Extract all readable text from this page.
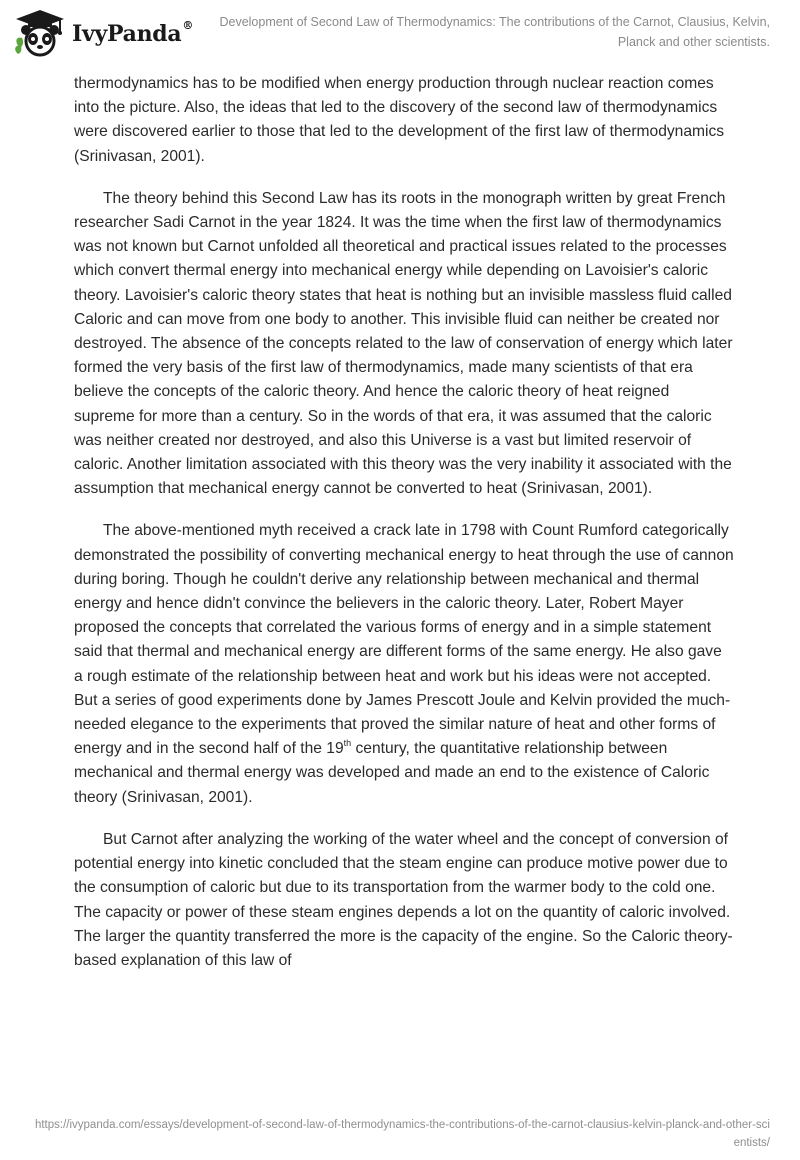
IvyPanda®	Development of Second Law of Thermodynamics: The contributions of the Carnot, Clausius, Kelvin, Planck and other scientists.

thermodynamics has to be modified when energy production through nuclear reaction comes into the picture. Also, the ideas that led to the discovery of the second law of thermodynamics were discovered earlier to those that led to the development of the first law of thermodynamics (Srinivasan, 2001).

The theory behind this Second Law has its roots in the monograph written by great French researcher Sadi Carnot in the year 1824. It was the time when the first law of thermodynamics was not known but Carnot unfolded all theoretical and practical issues related to the processes which convert thermal energy into mechanical energy while depending on Lavoisier's caloric theory. Lavoisier's caloric theory states that heat is nothing but an invisible massless fluid called Caloric and can move from one body to another. This invisible fluid can neither be created nor destroyed. The absence of the concepts related to the law of conservation of energy which later formed the very basis of the first law of thermodynamics, made many scientists of that era believe the concepts of the caloric theory. And hence the caloric theory of heat reigned supreme for more than a century. So in the words of that era, it was assumed that the caloric was neither created nor destroyed, and also this Universe is a vast but limited reservoir of caloric. Another limitation associated with this theory was the very inability it associated with the assumption that mechanical energy cannot be converted to heat (Srinivasan, 2001).

The above-mentioned myth received a crack late in 1798 with Count Rumford categorically demonstrated the possibility of converting mechanical energy to heat through the use of cannon during boring. Though he couldn't derive any relationship between mechanical and thermal energy and hence didn't convince the believers in the caloric theory. Later, Robert Mayer proposed the concepts that correlated the various forms of energy and in a simple statement said that thermal and mechanical energy are different forms of the same energy. He also gave a rough estimate of the relationship between heat and work but his ideas were not accepted. But a series of good experiments done by James Prescott Joule and Kelvin provided the much-needed elegance to the experiments that proved the similar nature of heat and other forms of energy and in the second half of the 19th century, the quantitative relationship between mechanical and thermal energy was developed and made an end to the existence of Caloric theory (Srinivasan, 2001).

But Carnot after analyzing the working of the water wheel and the concept of conversion of potential energy into kinetic concluded that the steam engine can produce motive power due to the consumption of caloric but due to its transportation from the warmer body to the cold one. The capacity or power of these steam engines depends a lot on the quantity of caloric involved. The larger the quantity transferred the more is the capacity of the engine. So the Caloric theory-based explanation of this law of

https://ivypanda.com/essays/development-of-second-law-of-thermodynamics-the-contributions-of-the-carnot-clausius-kelvin-planck-and-other-scientists/
